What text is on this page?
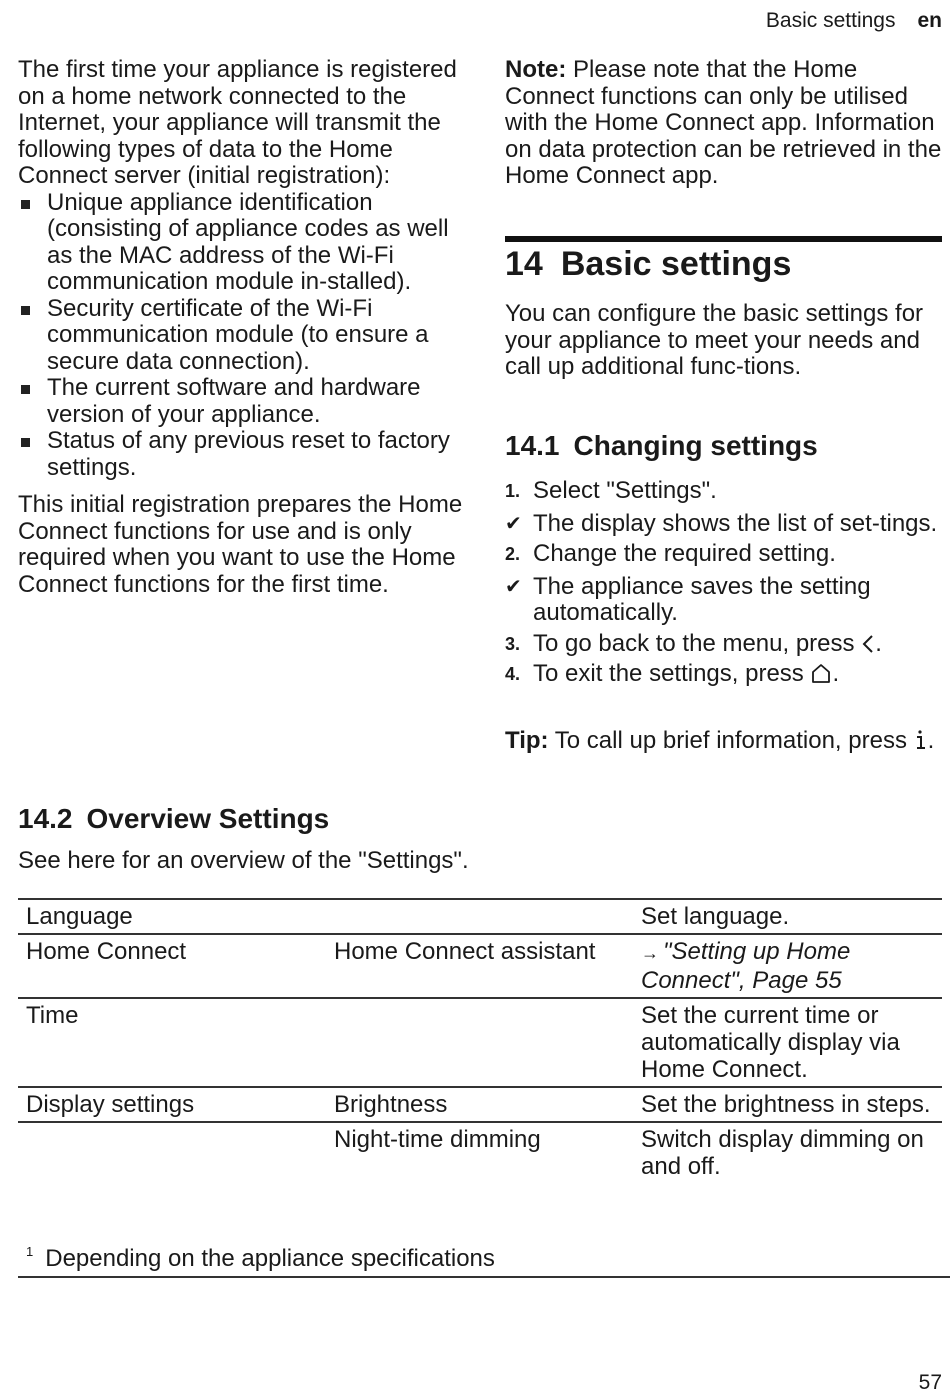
Basic settings en

The first time your appliance is registered on a home network connected to the Internet, your appliance will transmit the following types of data to the Home Connect server (initial registration):

Unique appliance identification (consisting of appliance codes as well as the MAC address of the Wi-Fi communication module in-stalled).
Security certificate of the Wi-Fi communication module (to ensure a secure data connection).
The current software and hardware version of your appliance.
Status of any previous reset to factory settings.

This initial registration prepares the Home Connect functions for use and is only required when you want to use the Home Connect functions for the first time.

Note: Please note that the Home Connect functions can only be utilised with the Home Connect app. Information on data protection can be retrieved in the Home Connect app.

14 Basic settings

You can configure the basic settings for your appliance to meet your needs and call up additional func-tions.

14.1 Changing settings
1. Select "Settings".
✔ The display shows the list of set-tings.
2. Change the required setting.
✔ The appliance saves the setting automatically.
3. To go back to the menu, press .
4. To exit the settings, press .

Tip: To call up brief information, press .

14.2 Overview Settings

See here for an overview of the "Settings".

Language		Set language.
Home Connect	Home Connect assistant	→ "Setting up Home Connect", Page 55
Time		Set the current time or automatically display via Home Connect.
Display settings	Brightness	Set the brightness in steps.
	Night-time dimming	Switch display dimming on and off.
$^1$ Depending on the appliance specifications
57
